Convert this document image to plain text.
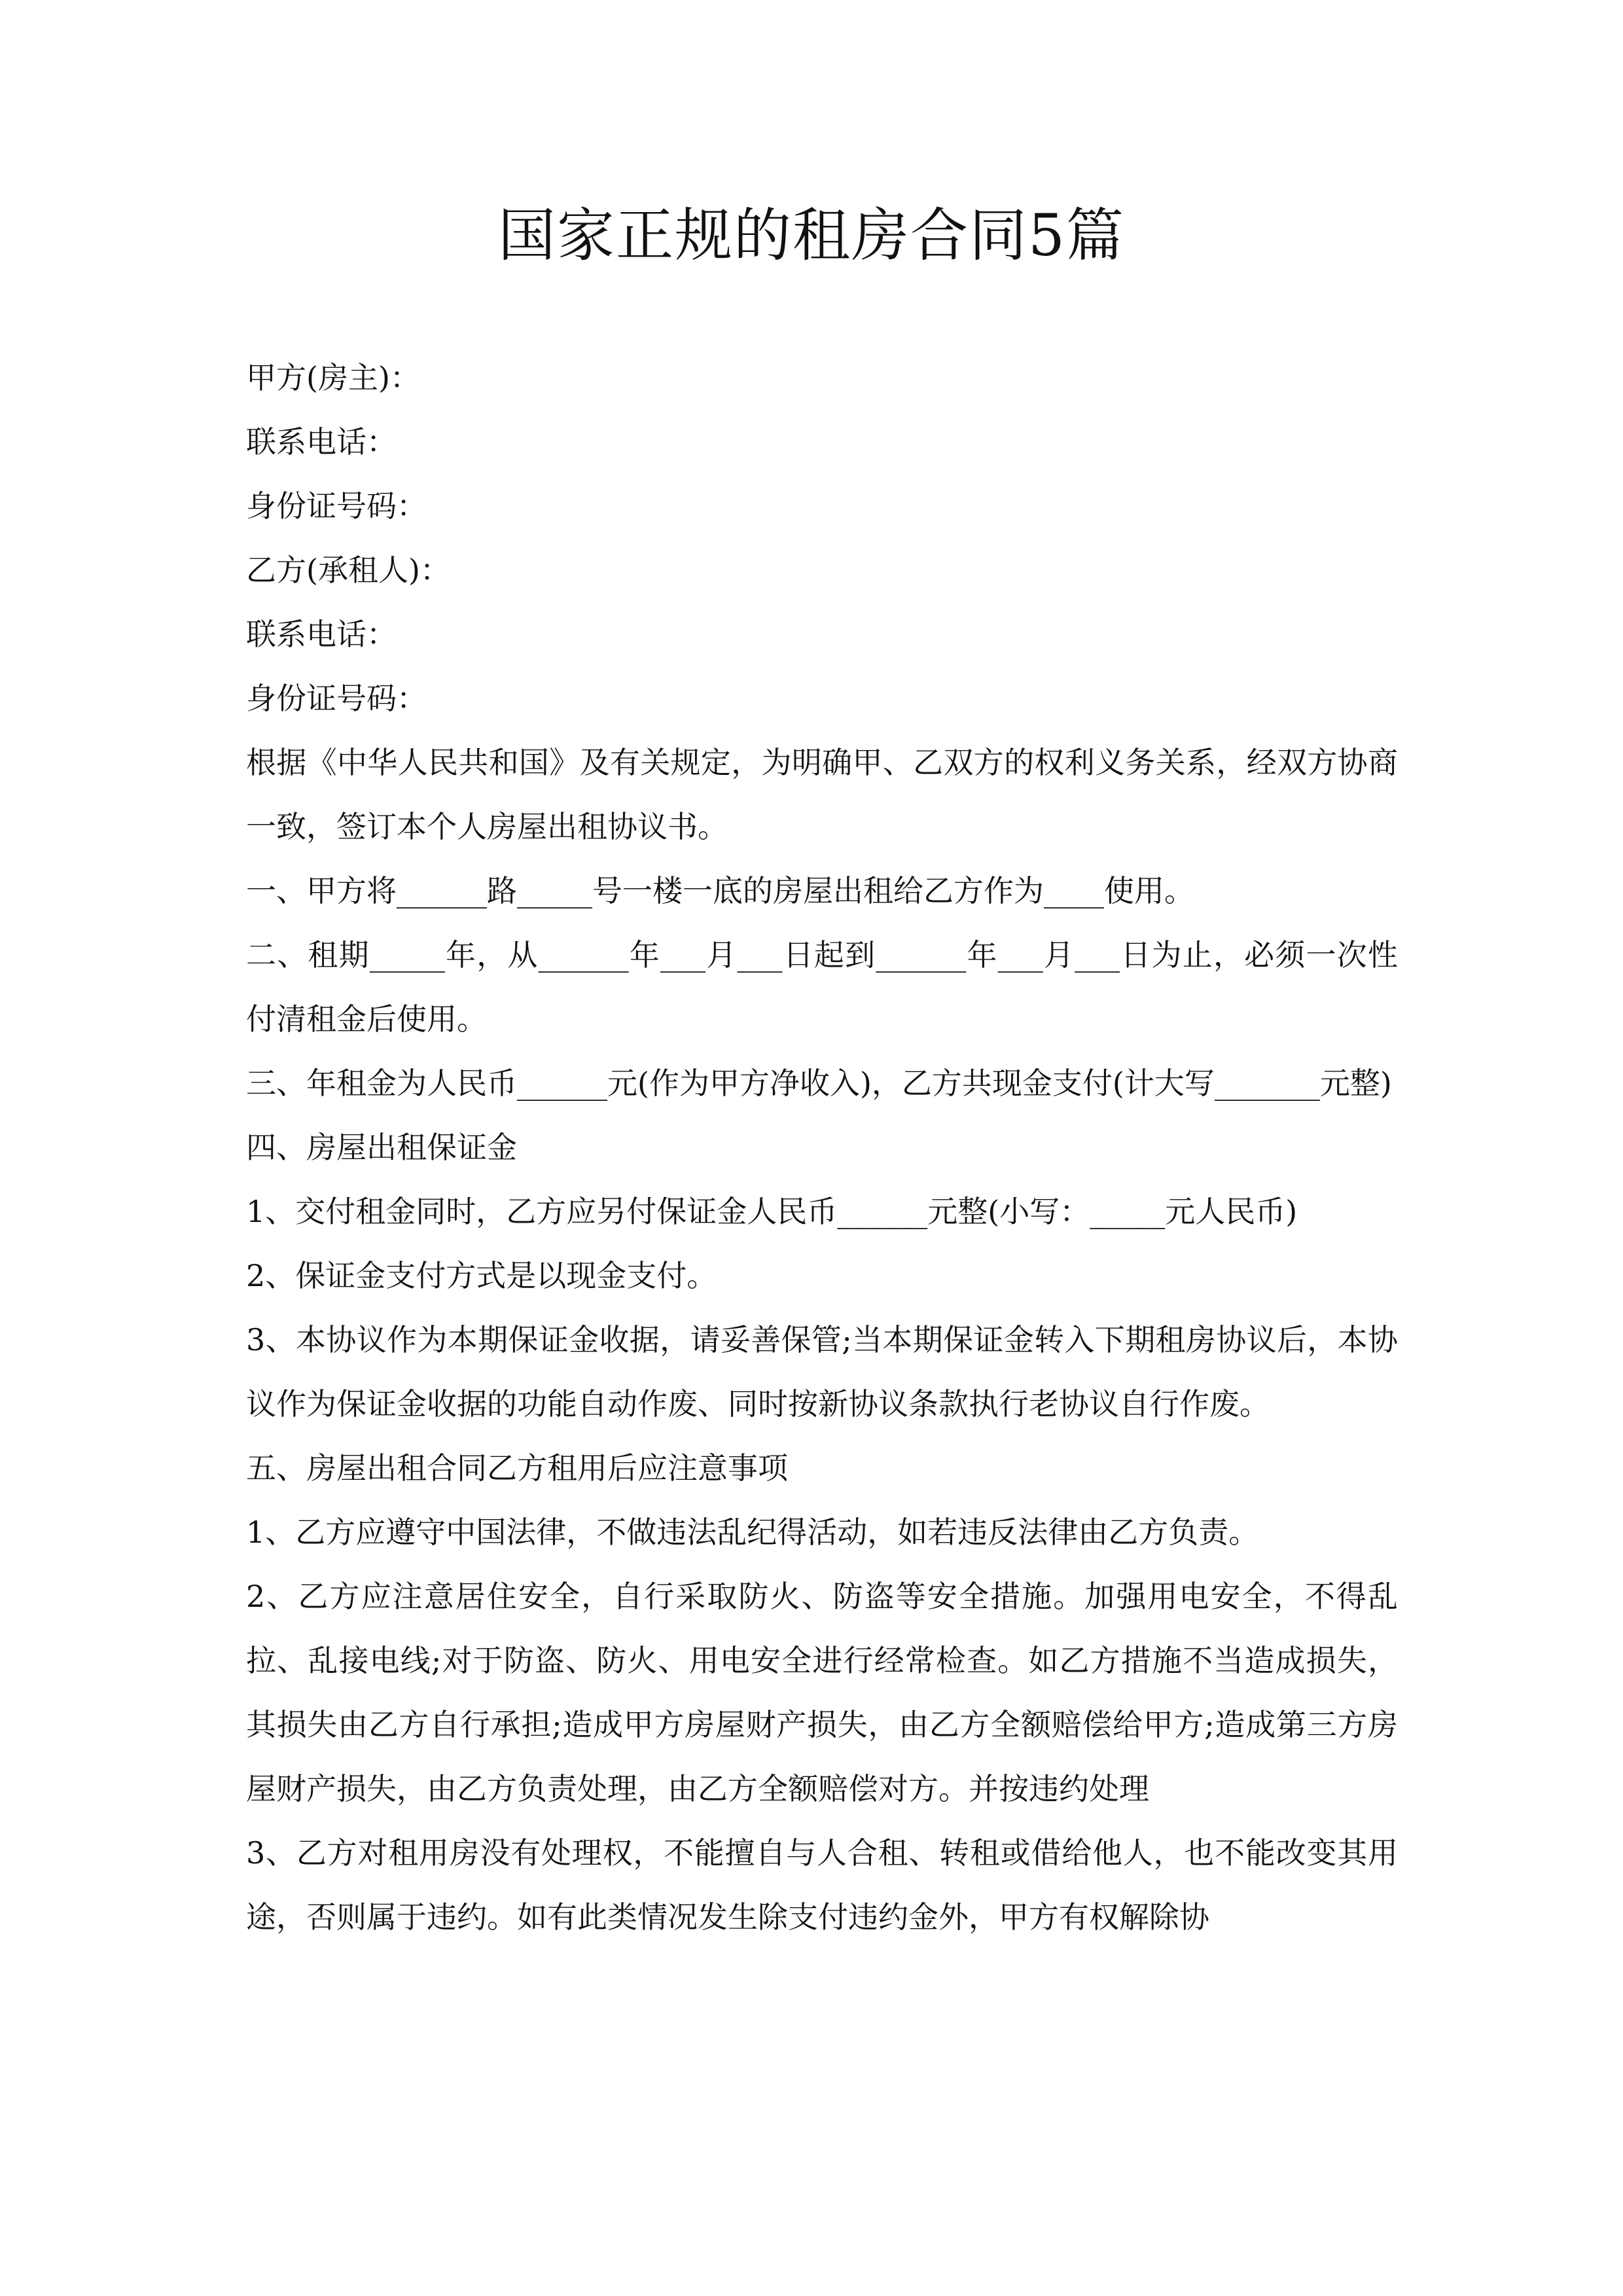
国家正规的租房合同5篇

甲方(房主)：

联系电话：

身份证号码：

乙方(承租人)：

联系电话：

身份证号码：

根据《中华人民共和国》及有关规定，为明确甲、乙双方的权利义务关系，经双方协商一致，签订本个人房屋出租协议书。

一、甲方将______路_____号一楼一底的房屋出租给乙方作为____使用。

二、租期_____年，从______年___月___日起到______年___月___日为止，必须一次性付清租金后使用。

三、年租金为人民币______元(作为甲方净收入)，乙方共现金支付(计大写_______元整)

四、房屋出租保证金

1、交付租金同时，乙方应另付保证金人民币______元整(小写：_____元人民币)

2、保证金支付方式是以现金支付。

3、本协议作为本期保证金收据，请妥善保管;当本期保证金转入下期租房协议后，本协议作为保证金收据的功能自动作废、同时按新协议条款执行老协议自行作废。

五、房屋出租合同乙方租用后应注意事项

1、乙方应遵守中国法律，不做违法乱纪得活动，如若违反法律由乙方负责。

2、乙方应注意居住安全，自行采取防火、防盗等安全措施。加强用电安全，不得乱拉、乱接电线;对于防盗、防火、用电安全进行经常检查。如乙方措施不当造成损失，其损失由乙方自行承担;造成甲方房屋财产损失，由乙方全额赔偿给甲方;造成第三方房屋财产损失，由乙方负责处理，由乙方全额赔偿对方。并按违约处理

3、乙方对租用房没有处理权，不能擅自与人合租、转租或借给他人，也不能改变其用途，否则属于违约。如有此类情况发生除支付违约金外，甲方有权解除协
